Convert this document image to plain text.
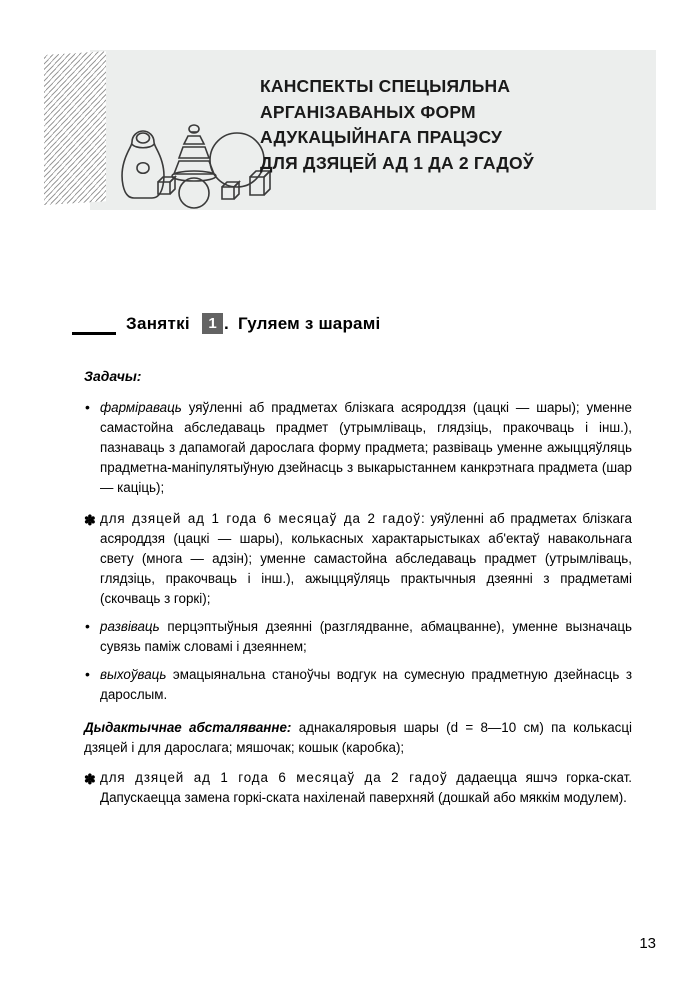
КАНСПЕКТЫ СПЕЦЫЯЛЬНА
АРГАНІЗАВАНЫХ ФОРМ
АДУКАЦЫЙНАГА ПРАЦЭСУ
ДЛЯ ДЗЯЦЕЙ АД 1 ДА 2 ГАДОЎ
Заняткі	1 . Гуляем з шарамі
Задачы:
• фарміраваць уяўленні аб прадметах блізкага асяроддзя (цацкі — шары); уменне самастойна абследаваць прадмет (утрымліваць, глядзіць, пракочваць і інш.), пазнаваць з дапамогай дарослага форму прадмета; развіваць уменне ажыццяўляць прадметна-маніпулятыўную дзейнасць з выкарыстаннем канкрэтнага прадмета (шар — каціць);
✽ для дзяцей ад 1 года 6 месяцаў да 2 гадоў: уяўленні аб прадметах блізкага асяроддзя (цацкі — шары), колькасных характарыстыках аб'ектаў навакольнага свету (многа — адзін); уменне самастойна абследаваць прадмет (утрымліваць, глядзіць, пракочваць і інш.), ажыццяўляць практычныя дзеянні з прадметамі (скочваць з горкі);
• развіваць перцэптыўныя дзеянні (разглядванне, абмацванне), уменне вызначаць сувязь паміж словамі і дзеяннем;
• выхоўваць эмацыянальна станоўчы водгук на сумесную прадметную дзейнасць з дарослым.
Дыдактычнае абсталяванне: аднакаляровыя шары (d = 8—10 см) па колькасці дзяцей і для дарослага; мяшочак; кошык (каробка);
✽ для дзяцей ад 1 года 6 месяцаў да 2 гадоў дадаецца яшчэ горка-скат. Дапускаецца замена горкі-ската нахіленай паверхняй (дошкай або мяккім модулем).
13
